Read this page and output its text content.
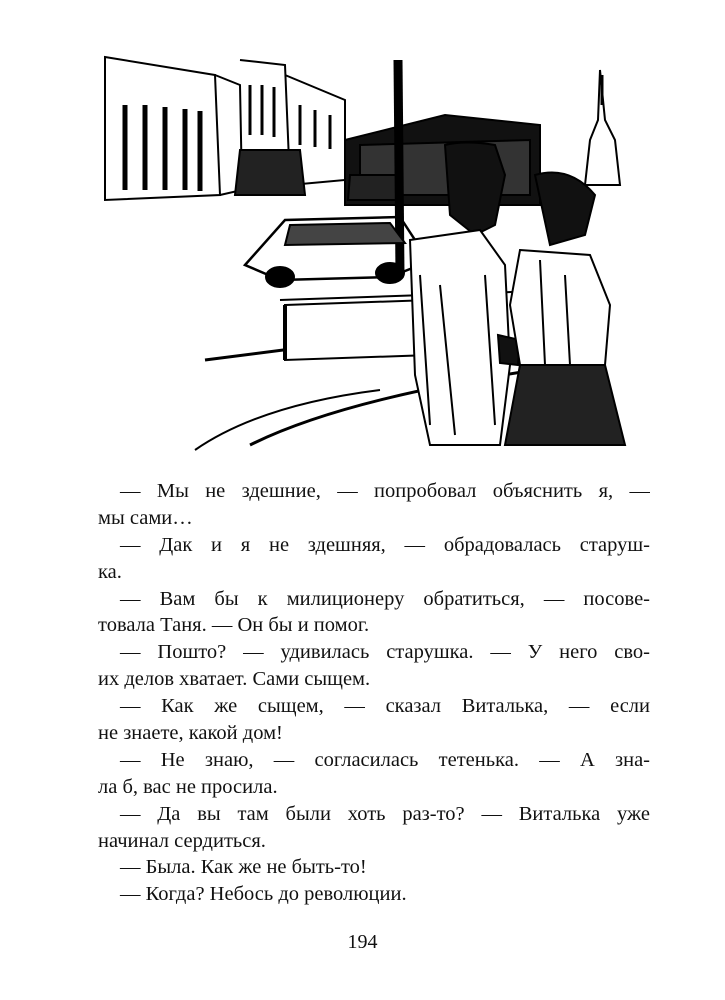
— Мы не здешние, — попробовал объяснить я, —
мы сами…
— Дак и я не здешняя, — обрадовалась старуш-
ка.
— Вам бы к милиционеру обратиться, — посове-
товала Таня. — Он бы и помог.
— Пошто? — удивилась старушка. — У него сво-
их делов хватает. Сами сыщем.
— Как же сыщем, — сказал Виталька, — если
не знаете, какой дом!
— Не знаю, — согласилась тетенька. — А зна-
ла б, вас не просила.
— Да вы там были хоть раз-то? — Виталька уже
начинал сердиться.
— Была. Как же не быть-то!
— Когда? Небось до революции.
194
